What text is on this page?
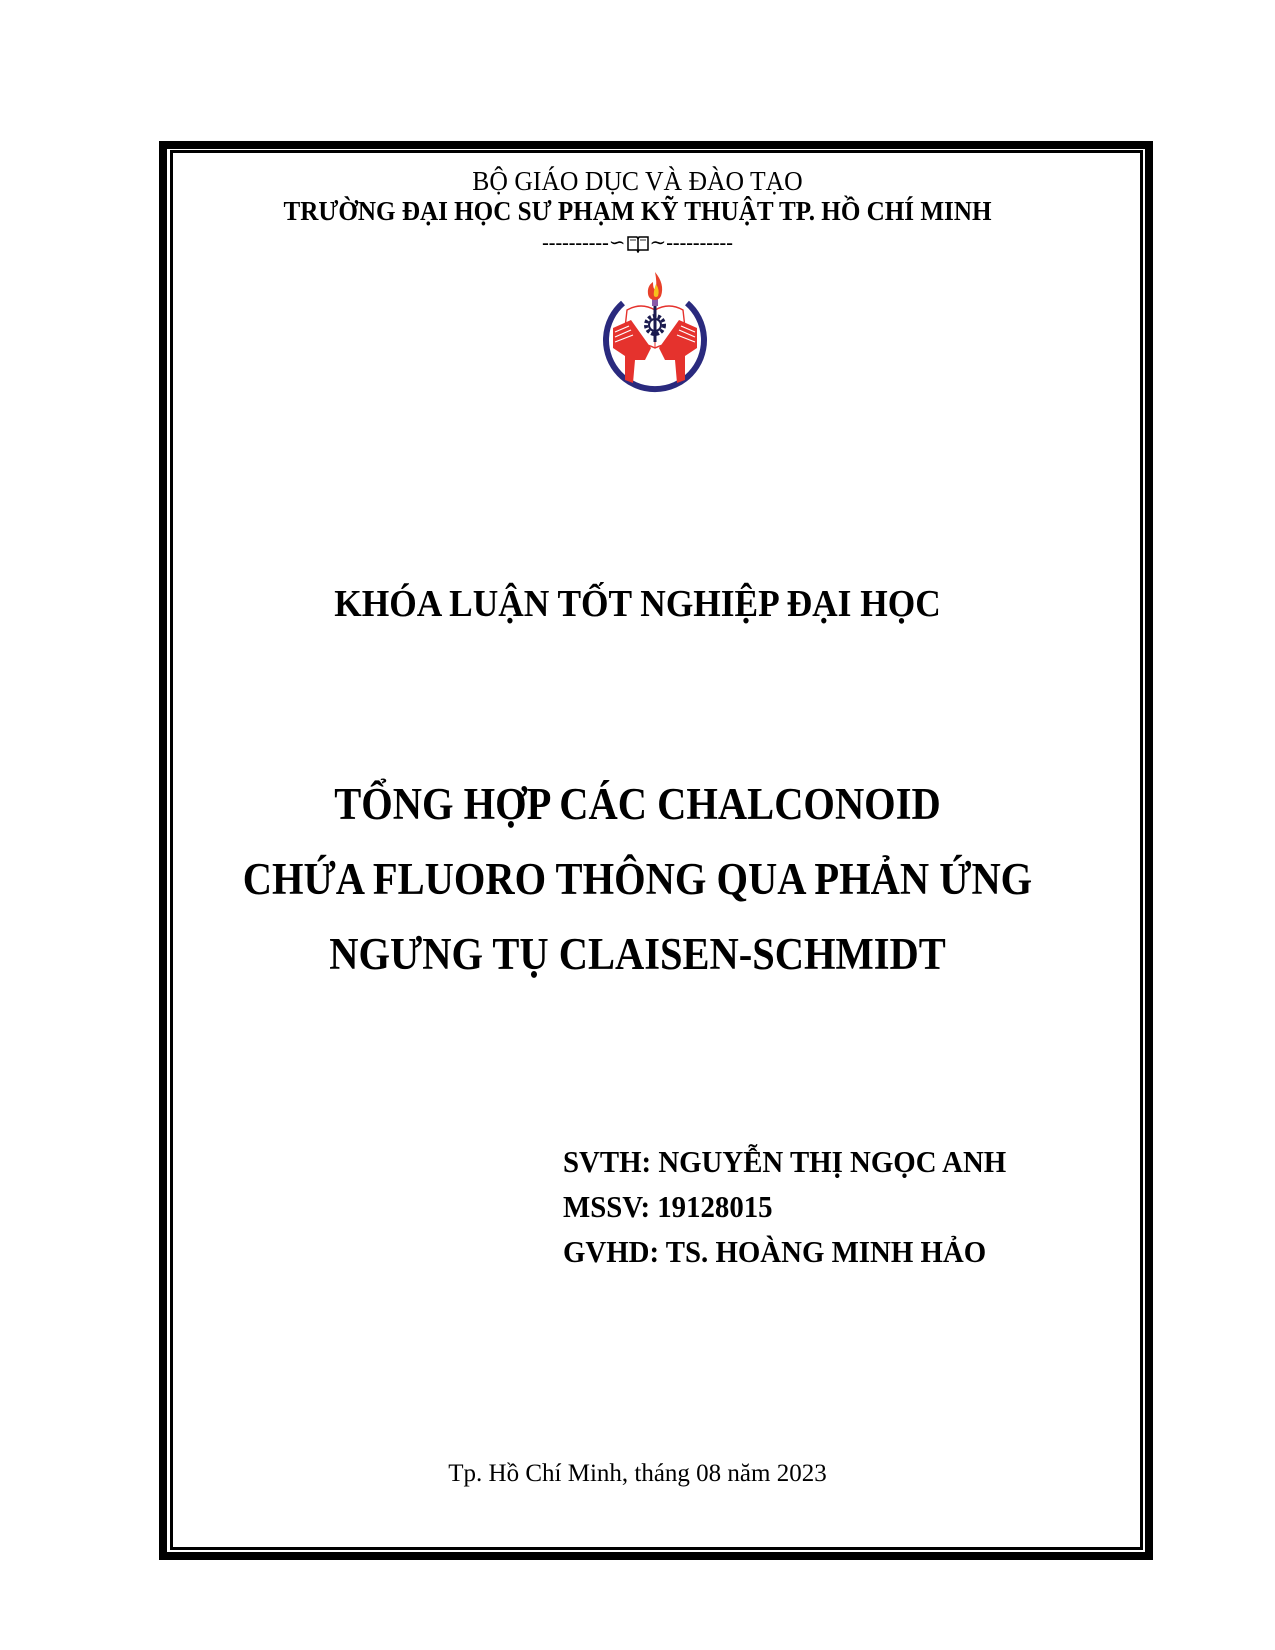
BỘ GIÁO DỤC VÀ ĐÀO TẠO
TRƯỜNG ĐẠI HỌC SƯ PHẠM KỸ THUẬT TP. HỒ CHÍ MINH
----------∽ ∼----------
KHÓA LUẬN TỐT NGHIỆP ĐẠI HỌC
TỔNG HỢP CÁC CHALCONOID
CHỨA FLUORO THÔNG QUA PHẢN ỨNG
NGƯNG TỤ CLAISEN-SCHMIDT
SVTH: NGUYỄN THỊ NGỌC ANH
MSSV: 19128015
GVHD: TS. HOÀNG MINH HẢO
Tp. Hồ Chí Minh, tháng 08 năm 2023
